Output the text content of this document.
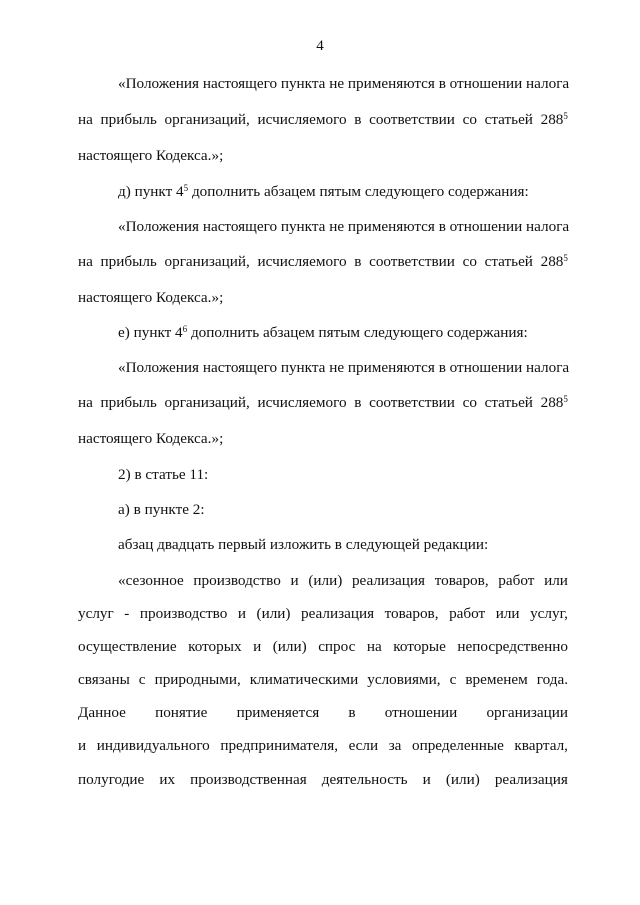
4
«Положения настоящего пункта не применяются в отношении налога
на прибыль организаций, исчисляемого в соответствии со статьей $288^5$
настоящего Кодекса.»;
д) пункт $4^5$ дополнить абзацем пятым следующего содержания:
«Положения настоящего пункта не применяются в отношении налога
на прибыль организаций, исчисляемого в соответствии со статьей $288^5$
настоящего Кодекса.»;
е) пункт $4^6$ дополнить абзацем пятым следующего содержания:
«Положения настоящего пункта не применяются в отношении налога
на прибыль организаций, исчисляемого в соответствии со статьей $288^5$
настоящего Кодекса.»;
2) в статье 11:
а) в пункте 2:
абзац двадцать первый изложить в следующей редакции:
«сезонное производство и (или) реализация товаров, работ или
услуг - производство и (или) реализация товаров, работ или услуг,
осуществление которых и (или) спрос на которые непосредственно
связаны с природными, климатическими условиями, с временем года.
Данное понятие применяется в отношении организации
и индивидуального предпринимателя, если за определенные квартал,
полугодие их производственная деятельность и (или) реализация
